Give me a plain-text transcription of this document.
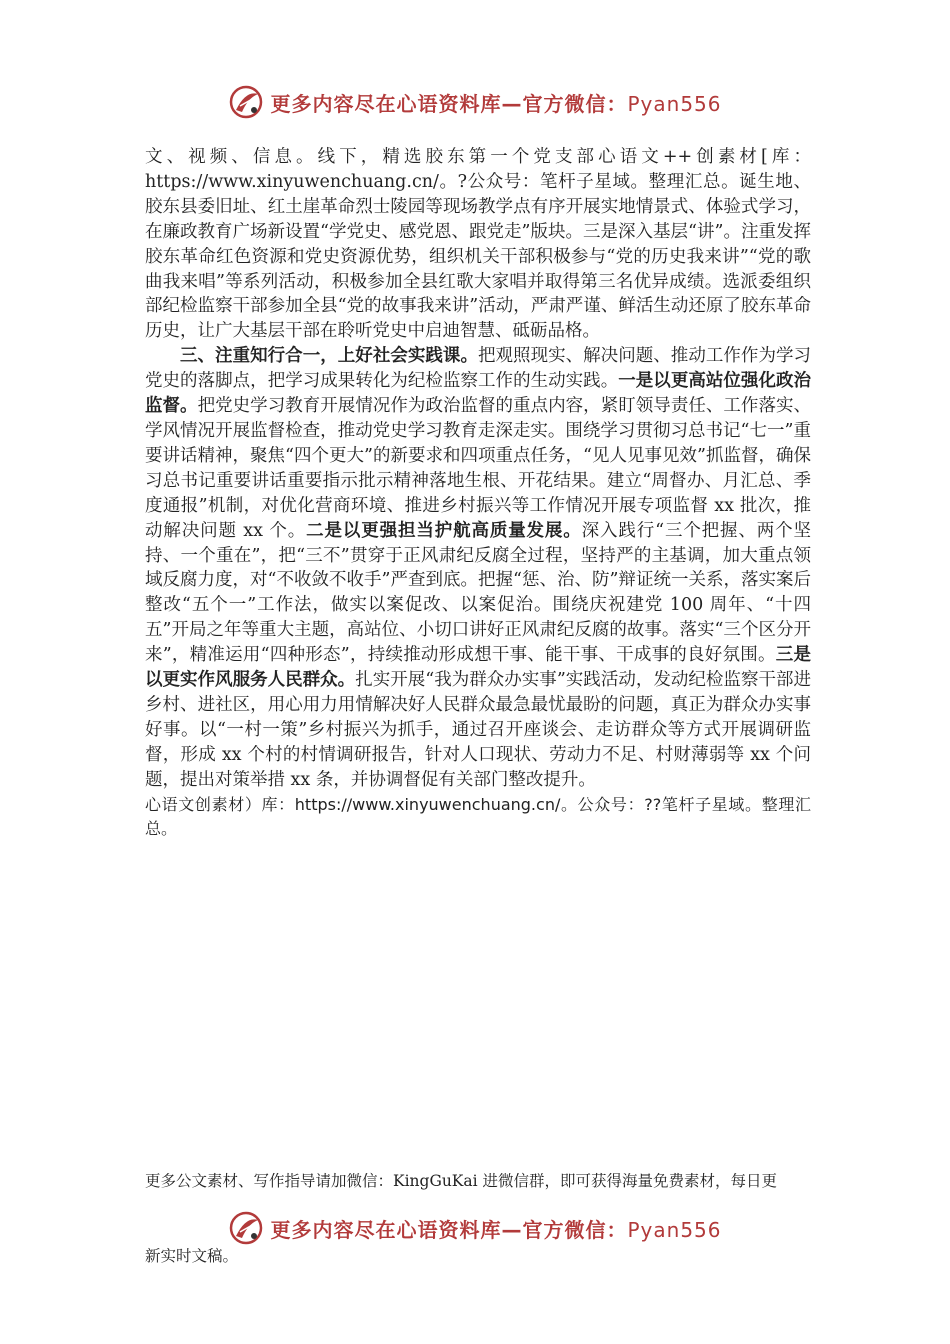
更多内容尽在心语资料库—官方微信：Pyan556

文、视频、信息。线下，精选胶东第一个党支部心语文++创素材[库：https://www.xinyuwenchuang.cn/。?公众号：笔杆子星域。整理汇总。诞生地、胶东县委旧址、红土崖革命烈士陵园等现场教学点有序开展实地情景式、体验式学习，在廉政教育广场新设置“学党史、感党恩、跟党走”版块。三是深入基层“讲”。注重发挥胶东革命红色资源和党史资源优势，组织机关干部积极参与“党的历史我来讲”“党的歌曲我来唱”等系列活动，积极参加全县红歌大家唱并取得第三名优异成绩。选派委组织部纪检监察干部参加全县“党的故事我来讲”活动，严肃严谨、鲜活生动还原了胶东革命历史，让广大基层干部在聆听党史中启迪智慧、砥砺品格。

三、注重知行合一，上好社会实践课。把观照现实、解决问题、推动工作作为学习党史的落脚点，把学习成果转化为纪检监察工作的生动实践。一是以更高站位强化政治监督。把党史学习教育开展情况作为政治监督的重点内容，紧盯领导责任、工作落实、学风情况开展监督检查，推动党史学习教育走深走实。围绕学习贯彻习总书记“七一”重要讲话精神，聚焦“四个更大”的新要求和四项重点任务，“见人见事见效”抓监督，确保习总书记重要讲话重要指示批示精神落地生根、开花结果。建立“周督办、月汇总、季度通报”机制，对优化营商环境、推进乡村振兴等工作情况开展专项监督 xx 批次，推动解决问题 xx 个。二是以更强担当护航高质量发展。深入践行“三个把握、两个坚持、一个重在”，把“三不”贯穿于正风肃纪反腐全过程，坚持严的主基调，加大重点领域反腐力度，对“不收敛不收手”严查到底。把握“惩、治、防”辩证统一关系，落实案后整改“五个一”工作法，做实以案促改、以案促治。围绕庆祝建党 100 周年、“十四五”开局之年等重大主题，高站位、小切口讲好正风肃纪反腐的故事。落实“三个区分开来”，精准运用“四种形态”，持续推动形成想干事、能干事、干成事的良好氛围。三是以更实作风服务人民群众。扎实开展“我为群众办实事”实践活动，发动纪检监察干部进乡村、进社区，用心用力用情解决好人民群众最急最忧最盼的问题，真正为群众办实事好事。以“一村一策”乡村振兴为抓手，通过召开座谈会、走访群众等方式开展调研监督，形成 xx 个村的村情调研报告，针对人口现状、劳动力不足、村财薄弱等 xx 个问题，提出对策举措 xx 条，并协调督促有关部门整改提升。

心语文创素材）库：https://www.xinyuwenchuang.cn/。公众号：??笔杆子星域。整理汇总。

更多公文素材、写作指导请加微信：KingGuKai 进微信群，即可获得海量免费素材，每日更
更多内容尽在心语资料库—官方微信：Pyan556
新实时文稿。
